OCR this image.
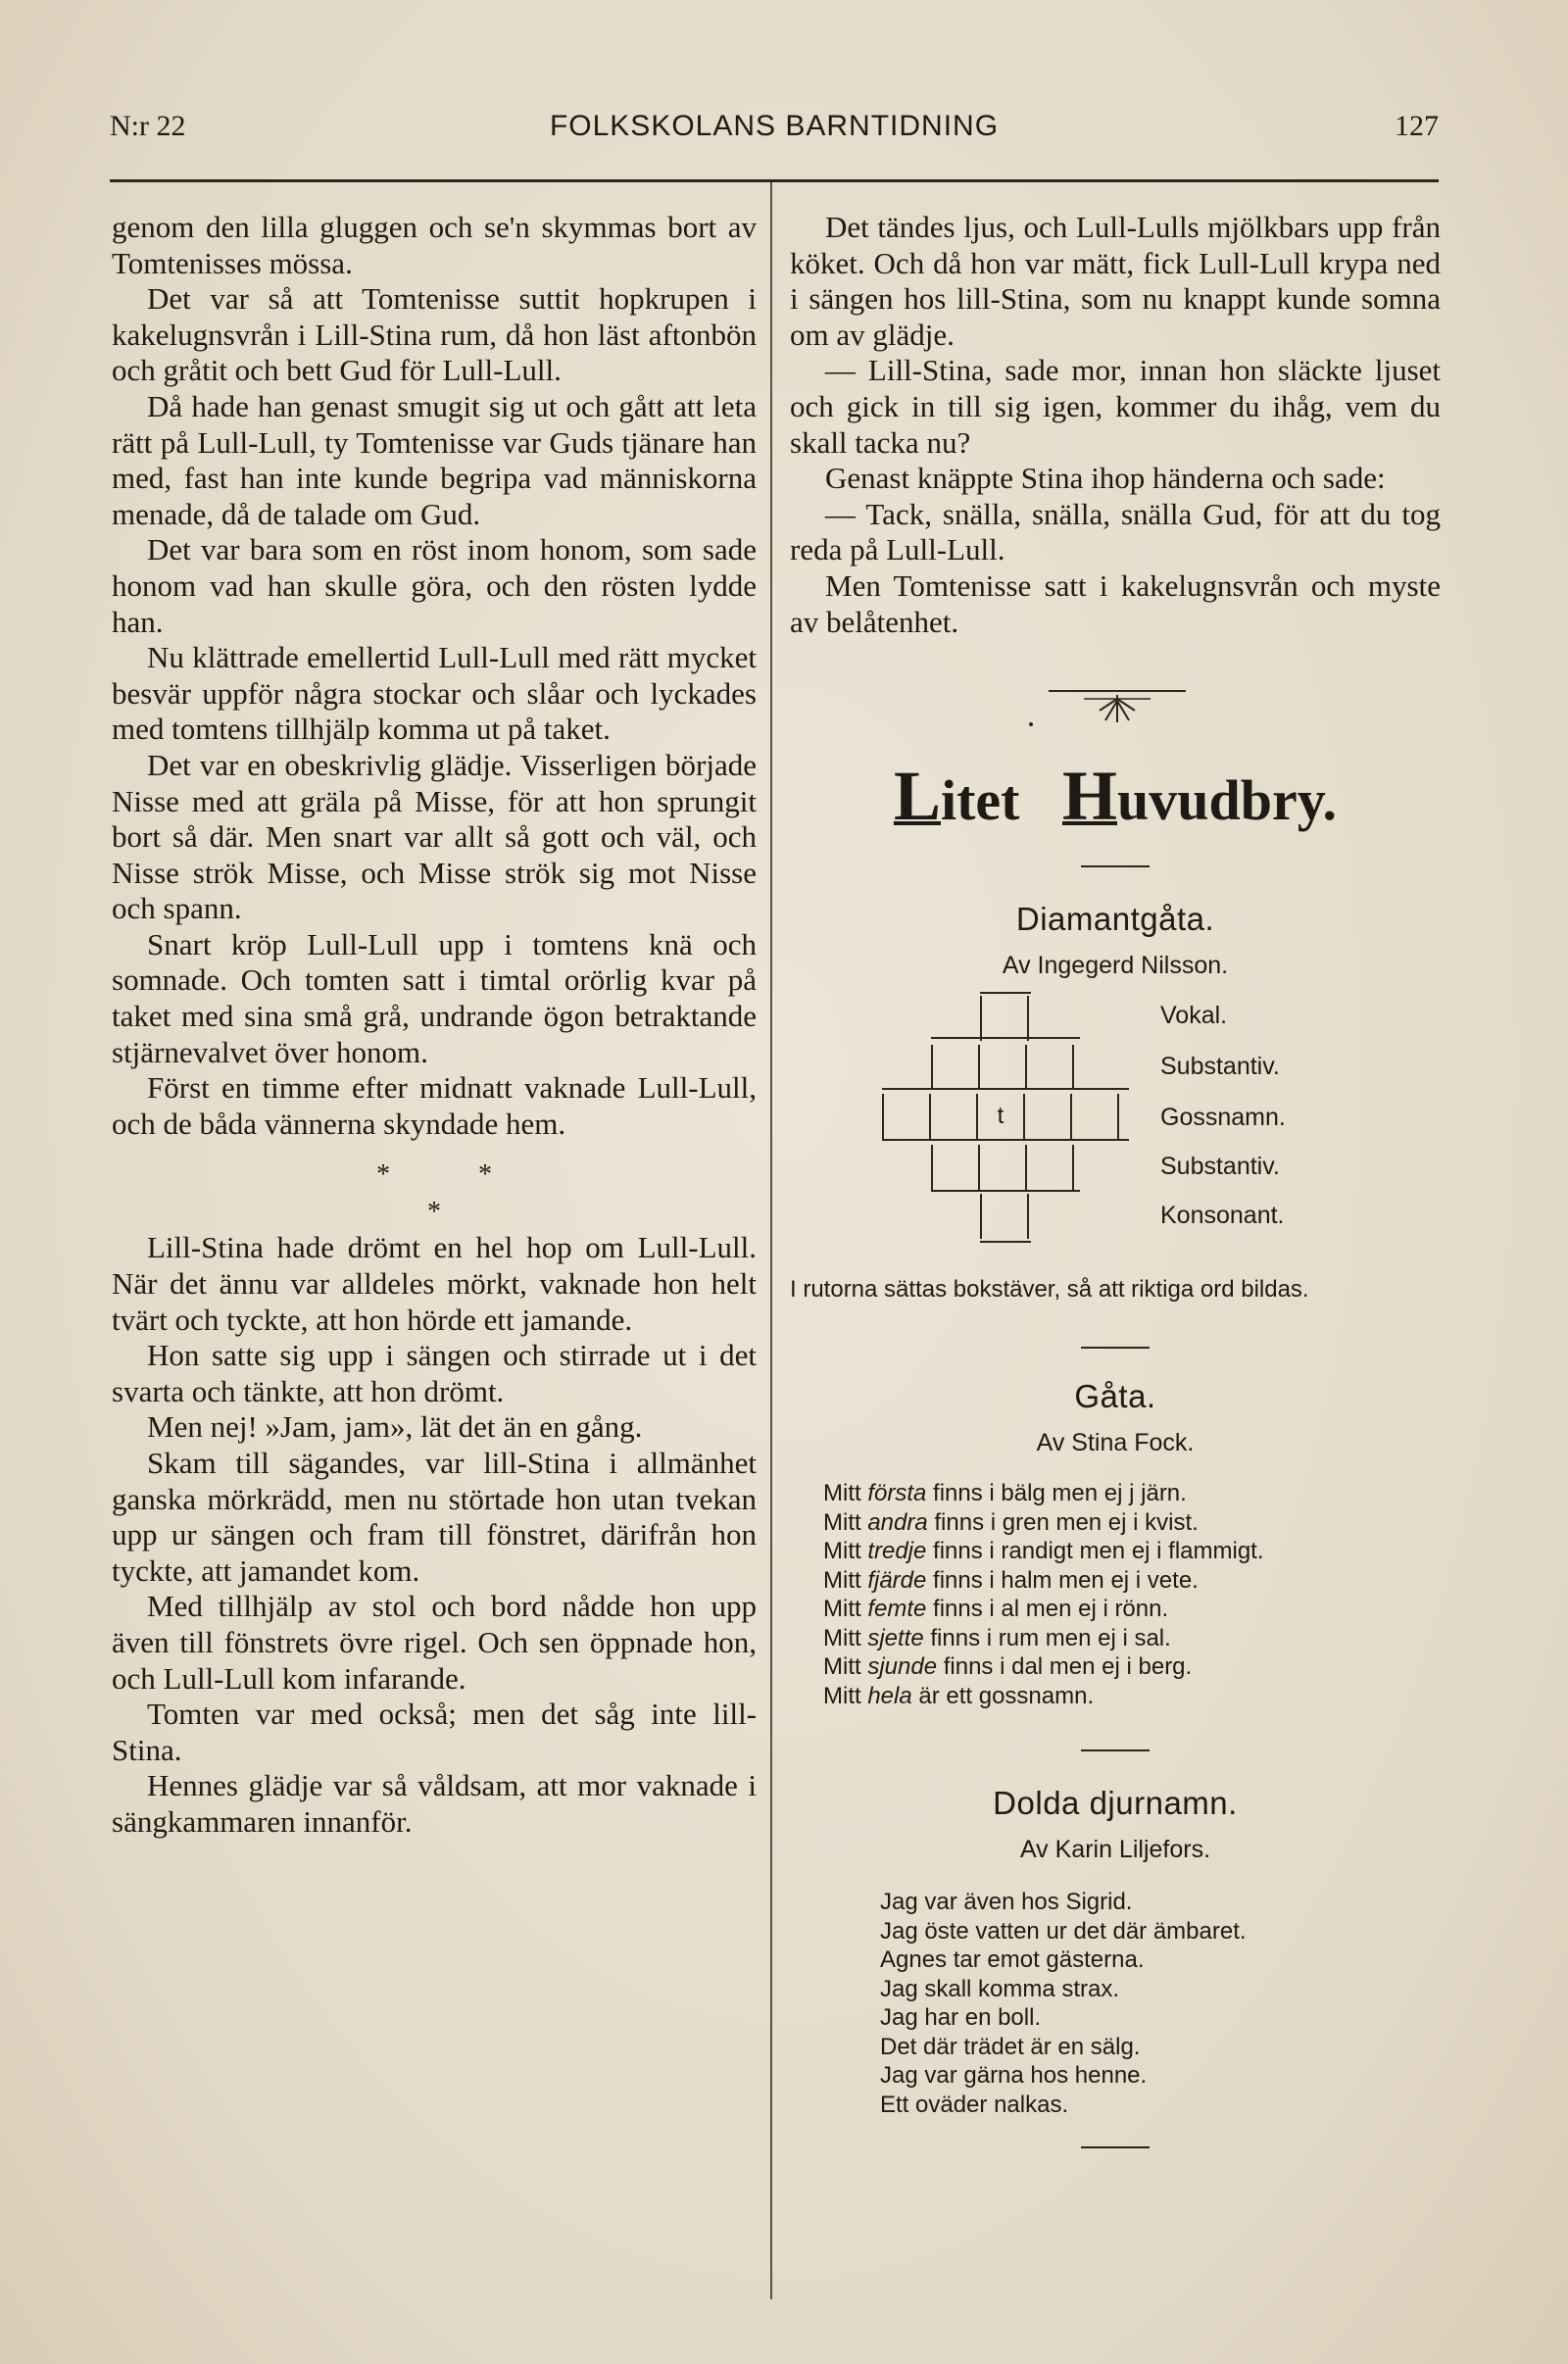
N:r 22	FOLKSKOLANS BARNTIDNING	127

genom den lilla gluggen och se'n skymmas bort av Tomtenisses mössa.

Det var så att Tomtenisse suttit hopkrupen i kakelugnsvrån i Lill-Stina rum, då hon läst aftonbön och gråtit och bett Gud för Lull-Lull.

Då hade han genast smugit sig ut och gått att leta rätt på Lull-Lull, ty Tomtenisse var Guds tjänare han med, fast han inte kunde begripa vad människorna menade, då de talade om Gud.

Det var bara som en röst inom honom, som sade honom vad han skulle göra, och den rösten lydde han.

Nu klättrade emellertid Lull-Lull med rätt mycket besvär uppför några stockar och slåar och lyckades med tomtens tillhjälp komma ut på taket.

Det var en obeskrivlig glädje. Visserligen började Nisse med att gräla på Misse, för att hon sprungit bort så där. Men snart var allt så gott och väl, och Nisse strök Misse, och Misse strök sig mot Nisse och spann.

Snart kröp Lull-Lull upp i tomtens knä och somnade. Och tomten satt i timtal orörlig kvar på taket med sina små grå, undrande ögon betraktande stjärnevalvet över honom.

Först en timme efter midnatt vaknade Lull-Lull, och de båda vännerna skyndade hem.

*	*
*

Lill-Stina hade drömt en hel hop om Lull-Lull. När det ännu var alldeles mörkt, vaknade hon helt tvärt och tyckte, att hon hörde ett jamande.

Hon satte sig upp i sängen och stirrade ut i det svarta och tänkte, att hon drömt.

Men nej! »Jam, jam», lät det än en gång.

Skam till sägandes, var lill-Stina i allmänhet ganska mörkrädd, men nu störtade hon utan tvekan upp ur sängen och fram till fönstret, därifrån hon tyckte, att jamandet kom.

Med tillhjälp av stol och bord nådde hon upp även till fönstrets övre rigel. Och sen öppnade hon, och Lull-Lull kom infarande.

Tomten var med också; men det såg inte lill-Stina.

Hennes glädje var så våldsam, att mor vaknade i sängkammaren innanför.

Det tändes ljus, och Lull-Lulls mjölkbars upp från köket. Och då hon var mätt, fick Lull-Lull krypa ned i sängen hos lill-Stina, som nu knappt kunde somna om av glädje.

— Lill-Stina, sade mor, innan hon släckte ljuset och gick in till sig igen, kommer du ihåg, vem du skall tacka nu?

Genast knäppte Stina ihop händerna och sade:

— Tack, snälla, snälla, snälla Gud, för att du tog reda på Lull-Lull.

Men Tomtenisse satt i kakelugnsvrån och myste av belåtenhet.

Litet Huvudbry.

Diamantgåta.

Av Ingegerd Nilsson.

t
Vokal.
Substantiv.
Gossnamn.
Substantiv.
Konsonant.

I rutorna sättas bokstäver, så att riktiga ord bildas.

Gåta.

Av Stina Fock.

Mitt första finns i bälg men ej j järn.
Mitt andra finns i gren men ej i kvist.
Mitt tredje finns i randigt men ej i flammigt.
Mitt fjärde finns i halm men ej i vete.
Mitt femte finns i al men ej i rönn.
Mitt sjette finns i rum men ej i sal.
Mitt sjunde finns i dal men ej i berg.
Mitt hela är ett gossnamn.

Dolda djurnamn.

Av Karin Liljefors.

Jag var även hos Sigrid.
Jag öste vatten ur det där ämbaret.
Agnes tar emot gästerna.
Jag skall komma strax.
Jag har en boll.
Det där trädet är en sälg.
Jag var gärna hos henne.
Ett oväder nalkas.
